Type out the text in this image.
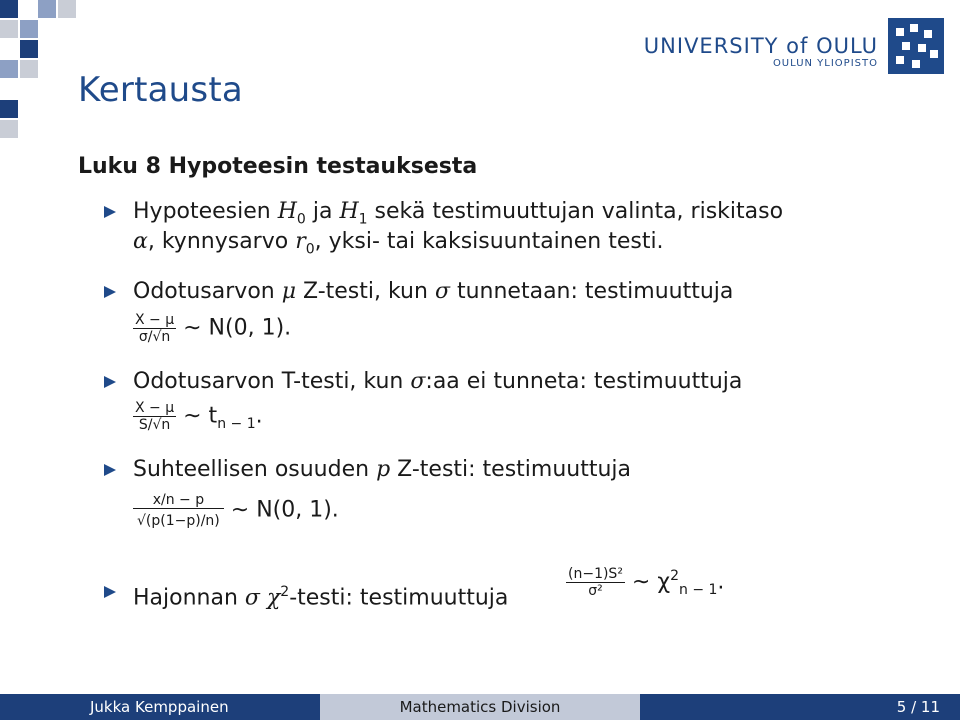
UNIVERSITY of OULU
OULUN YLIOPISTO
Kertausta
Luku 8 Hypoteesin testauksesta
Hypoteesien $H_0$ ja $H_1$ sekä testimuuttujan valinta, riskitaso
α, kynnysarvo $r_0$, yksi- tai kaksisuuntainen testi.
Odotusarvon μ Z-testi, kun σ tunnetaan: testimuuttuja
$\frac{X - \mu}{\sigma/√n}$ ∼ N(0, 1).
Odotusarvon T-testi, kun σ:aa ei tunneta: testimuuttuja
$\frac{X - \mu}{S/√n}$ ∼ $t_{n - 1}$.
Suhteellisen osuuden p Z-testi: testimuuttuja
$\frac{x/n - p}{√(p(1-p)/n)}$ ∼ N(0, 1).
Hajonnan σ $\chi^2$-testi: testimuuttuja	$\frac{\text{(n−1)S²}}{\text{σ²}}$ ∼ $\chi^2_{n - 1}$.
Jukka Kemppainen	Mathematics Division	5 / 11
